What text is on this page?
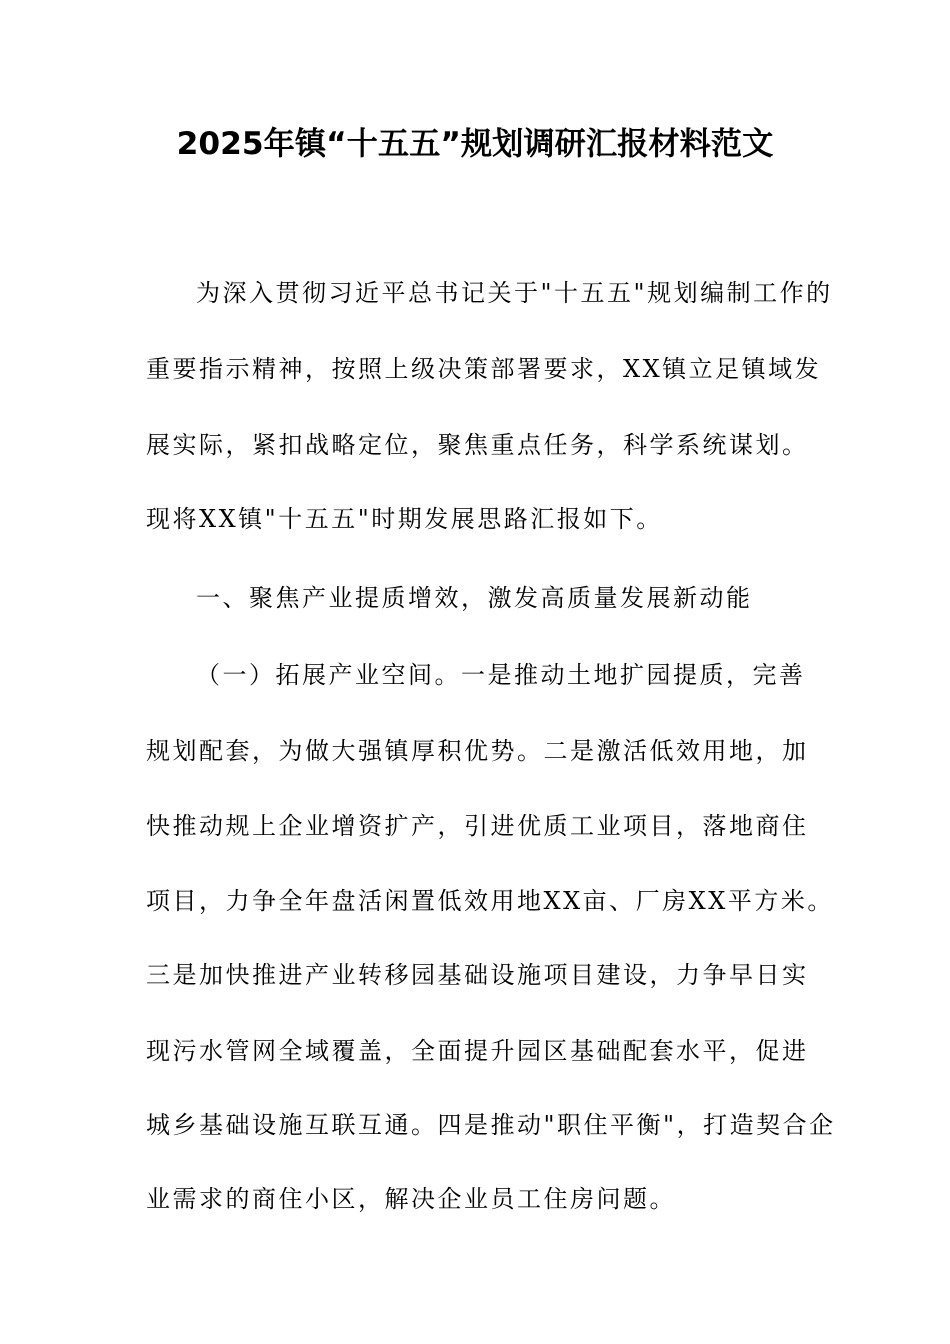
2025年镇“十五五”规划调研汇报材料范文
为深入贯彻习近平总书记关于"十五五"规划编制工作的
重要指示精神，按照上级决策部署要求，XX镇立足镇域发
展实际，紧扣战略定位，聚焦重点任务，科学系统谋划。
现将XX镇"十五五"时期发展思路汇报如下。
一、聚焦产业提质增效，激发高质量发展新动能
（一）拓展产业空间。一是推动土地扩园提质，完善
规划配套，为做大强镇厚积优势。二是激活低效用地，加
快推动规上企业增资扩产，引进优质工业项目，落地商住
项目，力争全年盘活闲置低效用地XX亩、厂房XX平方米。
三是加快推进产业转移园基础设施项目建设，力争早日实
现污水管网全域覆盖，全面提升园区基础配套水平，促进
城乡基础设施互联互通。四是推动"职住平衡"，打造契合企
业需求的商住小区，解决企业员工住房问题。
